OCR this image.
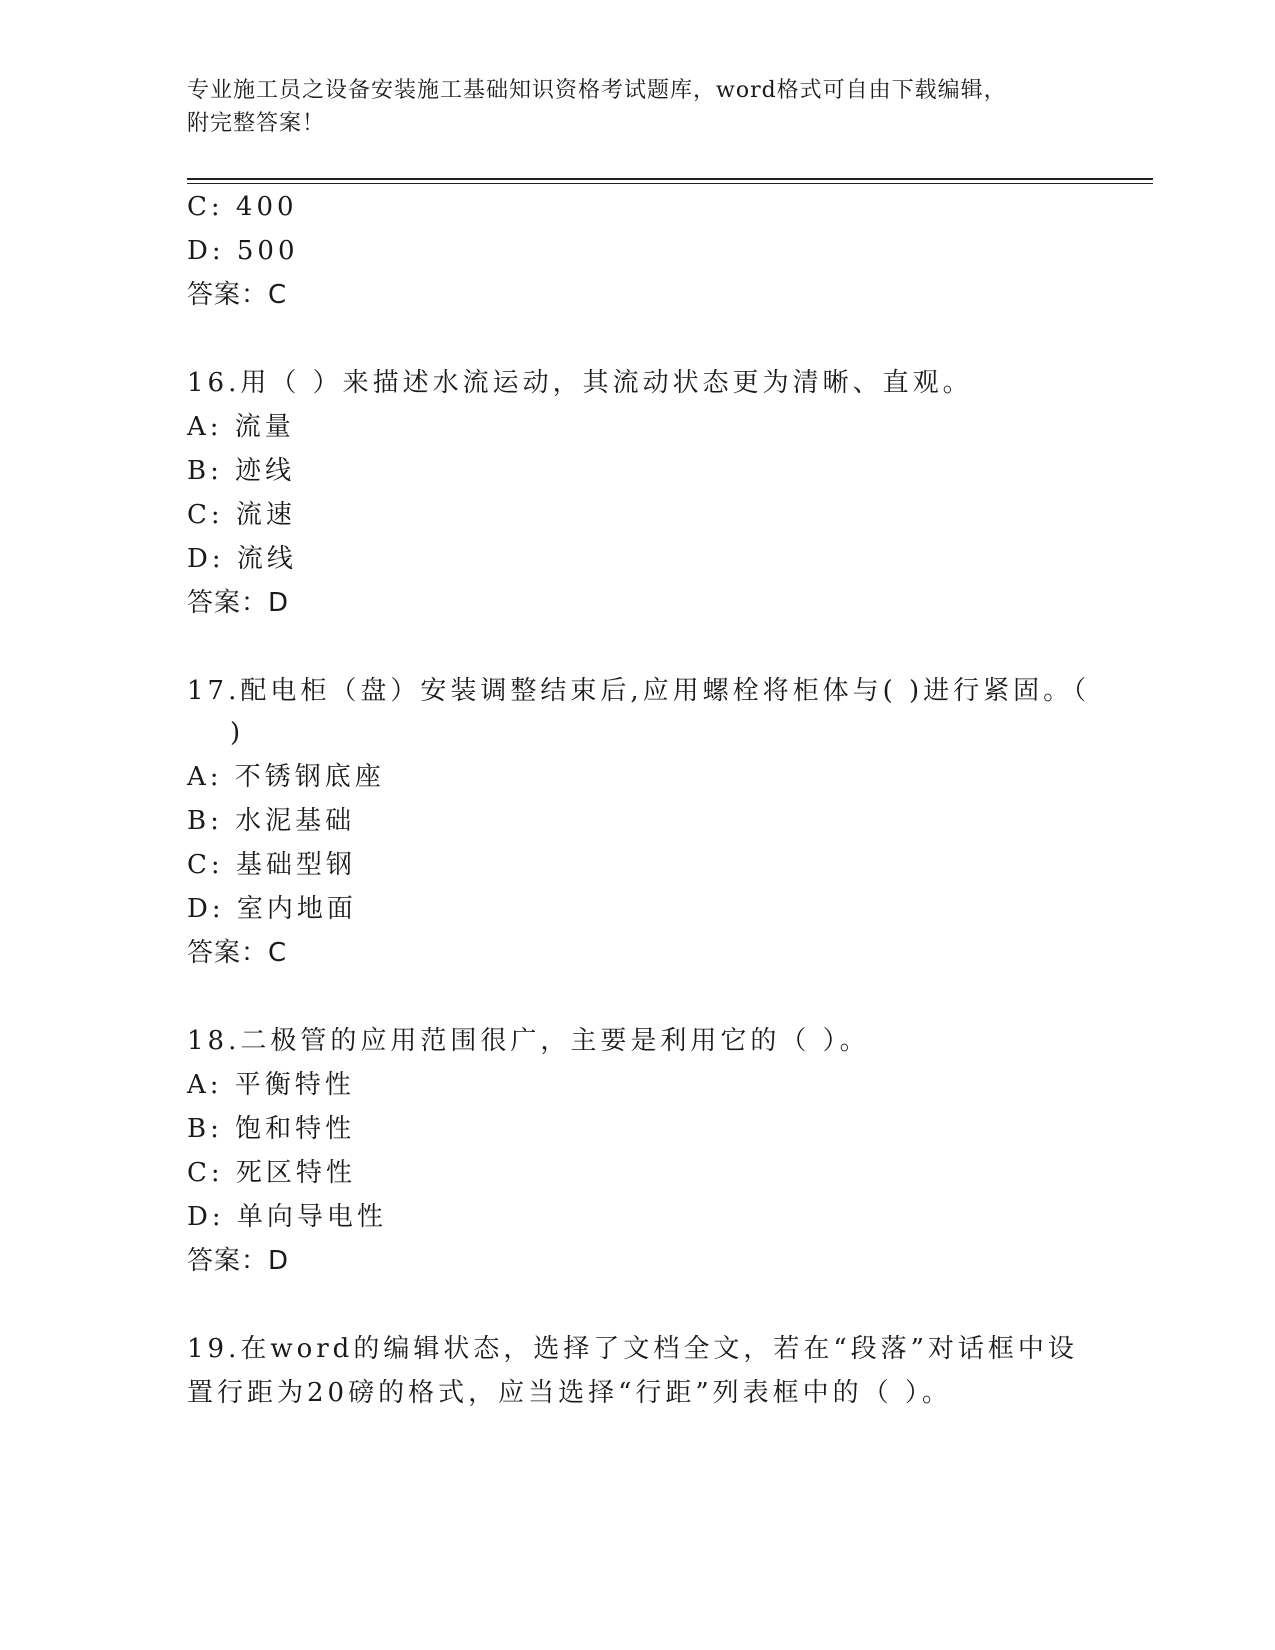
专业施工员之设备安装施工基础知识资格考试题库，word格式可自由下载编辑，
附完整答案！
C: 400
D: 500
答案：C
16.用（ ）来描述水流运动，其流动状态更为清晰、直观。
A: 流量
B: 迹线
C: 流速
D: 流线
答案：D
17.配电柜（盘）安装调整结束后,应用螺栓将柜体与( )进行紧固。（
)
A: 不锈钢底座
B: 水泥基础
C: 基础型钢
D: 室内地面
答案：C
18.二极管的应用范围很广，主要是利用它的（ ）。
A: 平衡特性
B: 饱和特性
C: 死区特性
D: 单向导电性
答案：D
19.在word的编辑状态，选择了文档全文，若在“段落”对话框中设
置行距为20磅的格式，应当选择“行距”列表框中的（ ）。
